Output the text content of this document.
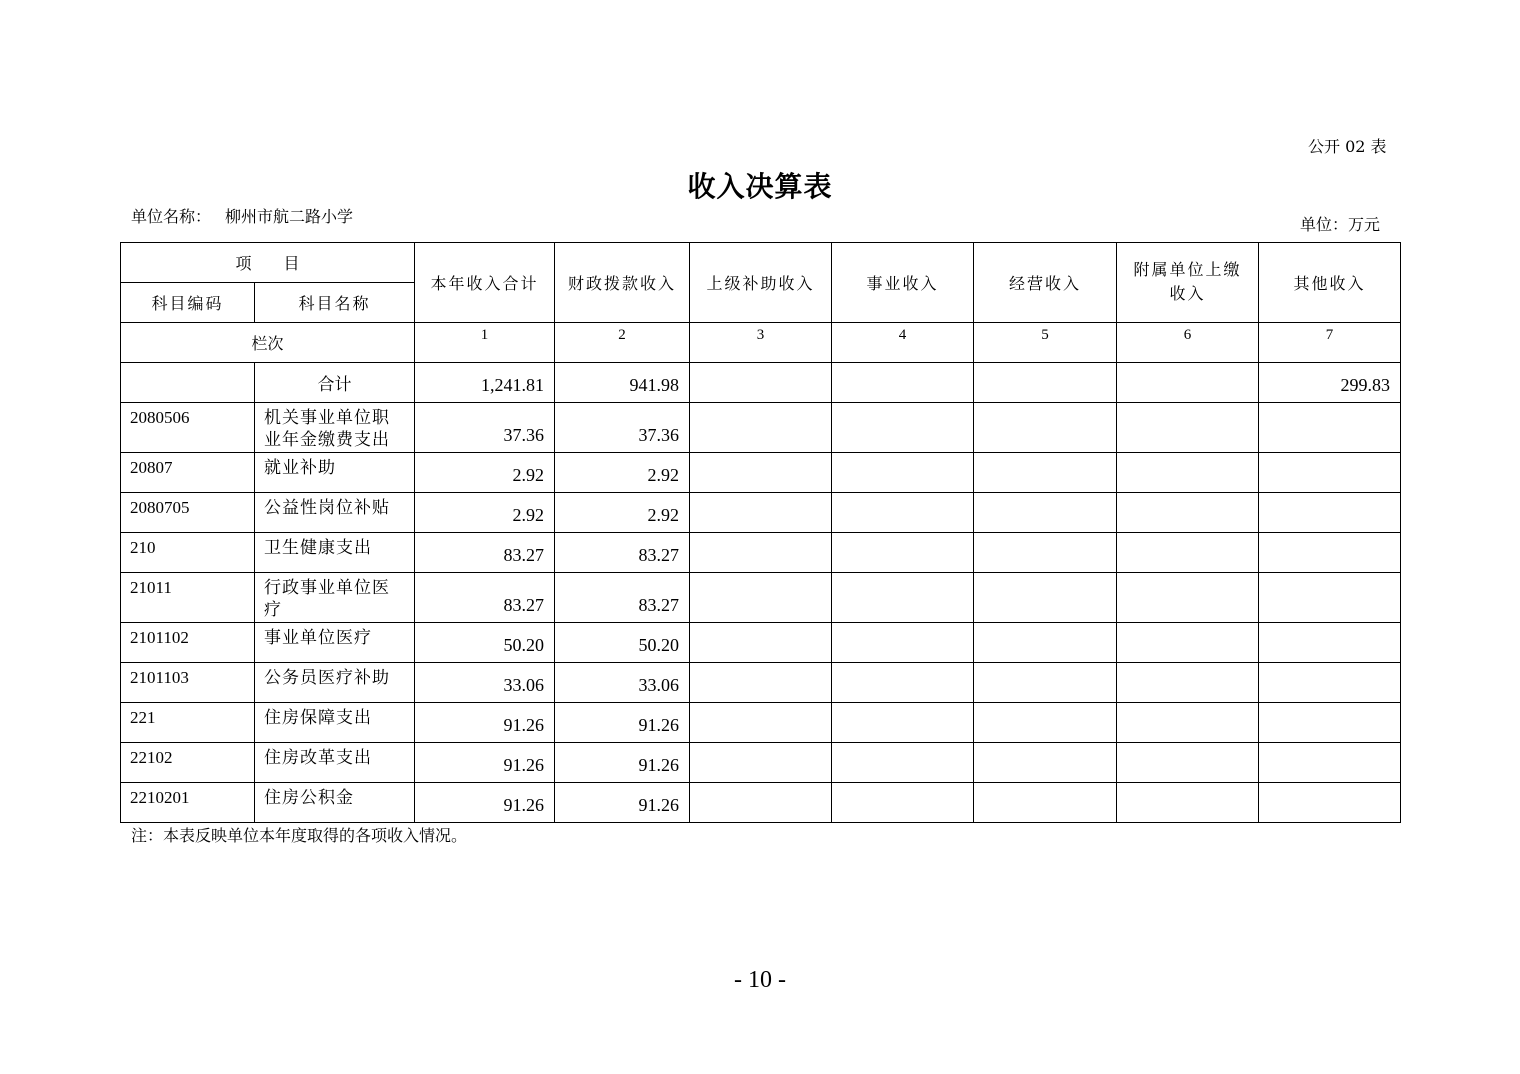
公开 02 表
收入决算表
单位名称： 柳州市航二路小学	单位：万元
项　　目		本年收入合计	财政拨款收入	上级补助收入	事业收入	经营收入	附属单位上缴收入	其他收入
科目编码	科目名称							
栏次		1	2	3	4	5	6	7
	合计	1,241.81	941.98					299.83
2080506	机关事业单位职业年金缴费支出	37.36	37.36					
20807	就业补助	2.92	2.92					
2080705	公益性岗位补贴	2.92	2.92					
210	卫生健康支出	83.27	83.27					
21011	行政事业单位医疗	83.27	83.27					
2101102	事业单位医疗	50.20	50.20					
2101103	公务员医疗补助	33.06	33.06					
221	住房保障支出	91.26	91.26					
22102	住房改革支出	91.26	91.26					
2210201	住房公积金	91.26	91.26					
注：本表反映单位本年度取得的各项收入情况。
- 10 -
